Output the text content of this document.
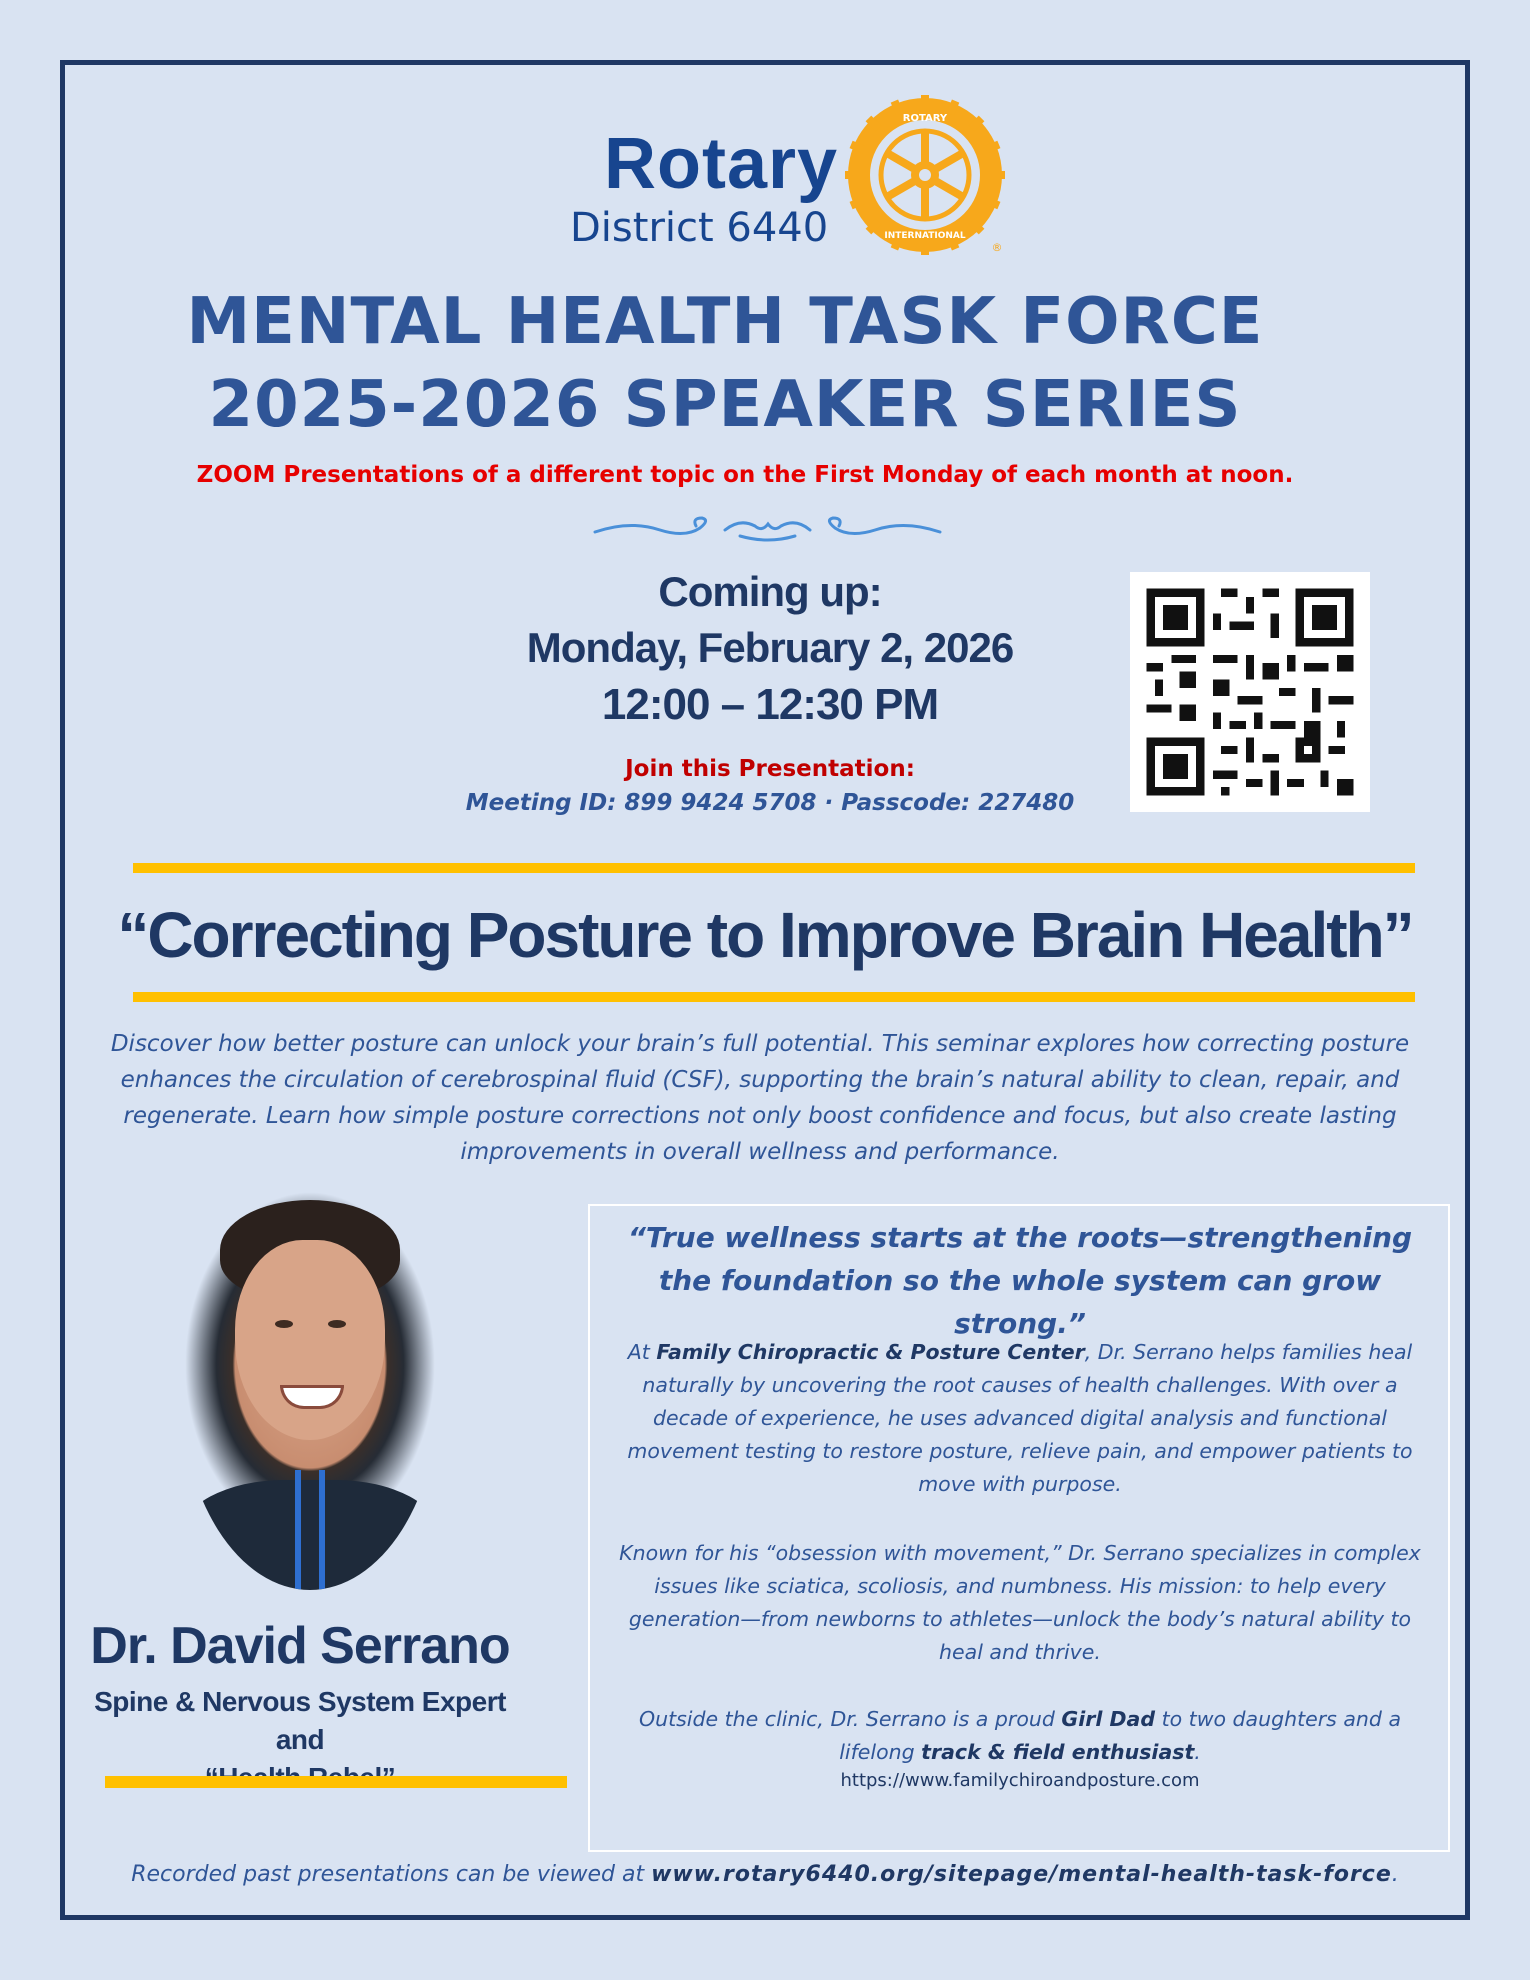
Rotary
District 6440
ROTARY
INTERNATIONAL
®
MENTAL HEALTH TASK FORCE
2025-2026 SPEAKER SERIES
ZOOM Presentations of a different topic on the First Monday of each month at noon.
Coming up:
Monday, February 2, 2026
12:00 – 12:30 PM
Join this Presentation:
Meeting ID: 899 9424 5708 · Passcode: 227480
“Correcting Posture to Improve Brain Health”
Discover how better posture can unlock your brain’s full potential. This seminar explores how correcting posture enhances the circulation of cerebrospinal fluid (CSF), supporting the brain’s natural ability to clean, repair, and regenerate. Learn how simple posture corrections not only boost confidence and focus, but also create lasting improvements in overall wellness and performance.
Dr. David Serrano
Spine & Nervous System Expert and
“True wellness starts at the roots—strengthening the foundation so the whole system can grow strong.”
At Family Chiropractic & Posture Center, Dr. Serrano helps families heal naturally by uncovering the root causes of health challenges. With over a decade of experience, he uses advanced digital analysis and functional movement testing to restore posture, relieve pain, and empower patients to move with purpose.
Known for his “obsession with movement,” Dr. Serrano specializes in complex issues like sciatica, scoliosis, and numbness. His mission: to help every generation—from newborns to athletes—unlock the body’s natural ability to heal and thrive.
Outside the clinic, Dr. Serrano is a proud Girl Dad to two daughters and a lifelong track & field enthusiast.
https://www.familychiroandposture.com
Recorded past presentations can be viewed at www.rotary6440.org/sitepage/mental-health-task-force.
